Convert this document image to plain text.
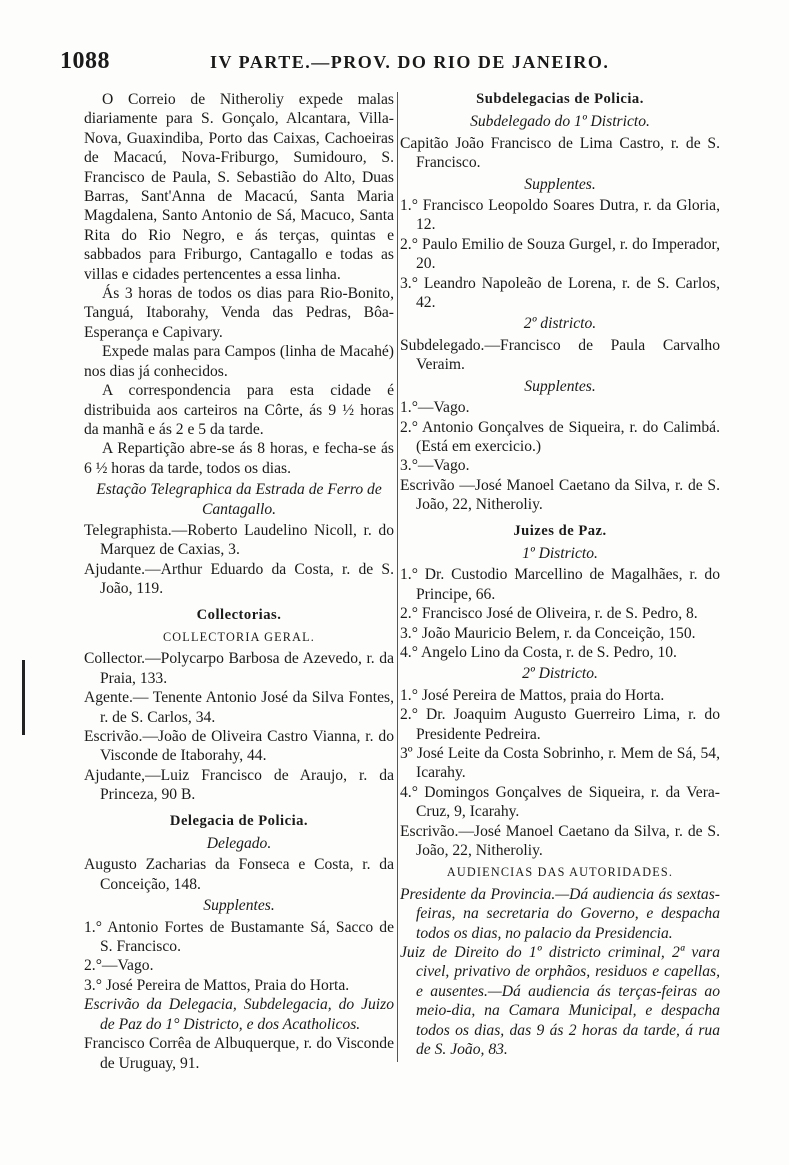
1088	IV PARTE.—PROV. DO RIO DE JANEIRO.

O Correio de Nitheroliy expede malas diariamente para S. Gonçalo, Alcantara, Villa-Nova, Guaxindiba, Porto das Caixas, Cachoeiras de Macacú, Nova-Friburgo, Sumidouro, S. Francisco de Paula, S. Sebastião do Alto, Duas Barras, Sant'Anna de Macacú, Santa Maria Magdalena, Santo Antonio de Sá, Macuco, Santa Rita do Rio Negro, e ás terças, quintas e sabbados para Friburgo, Cantagallo e todas as villas e cidades pertencentes a essa linha.

Ás 3 horas de todos os dias para Rio-Bonito, Tanguá, Itaborahy, Venda das Pedras, Bôa-Esperança e Capivary.

Expede malas para Campos (linha de Macahé) nos dias já conhecidos.

A correspondencia para esta cidade é distribuida aos carteiros na Côrte, ás 9 ½ horas da manhã e ás 2 e 5 da tarde.

A Repartição abre-se ás 8 horas, e fecha-se ás 6 ½ horas da tarde, todos os dias.

Estação Telegraphica da Estrada de Ferro de Cantagallo.

Telegraphista.—Roberto Laudelino Nicoll, r. do Marquez de Caxias, 3.

Ajudante.—Arthur Eduardo da Costa, r. de S. João, 119.

Collectorias.

COLLECTORIA GERAL.

Collector.—Polycarpo Barbosa de Azevedo, r. da Praia, 133.

Agente.— Tenente Antonio José da Silva Fontes, r. de S. Carlos, 34.

Escrivão.—João de Oliveira Castro Vianna, r. do Visconde de Itaborahy, 44.

Ajudante,—Luiz Francisco de Araujo, r. da Princeza, 90 B.

Delegacia de Policia.

Delegado.

Augusto Zacharias da Fonseca e Costa, r. da Conceição, 148.

Supplentes.

1.° Antonio Fortes de Bustamante Sá, Sacco de S. Francisco.

2.°—Vago.

3.° José Pereira de Mattos, Praia do Horta.

Escrivão da Delegacia, Subdelegacia, do Juizo de Paz do 1° Districto, e dos Acatholicos.

Francisco Corrêa de Albuquerque, r. do Visconde de Uruguay, 91.

Subdelegacias de Policia.

Subdelegado do 1º Districto.

Capitão João Francisco de Lima Castro, r. de S. Francisco.

Supplentes.

1.° Francisco Leopoldo Soares Dutra, r. da Gloria, 12.

2.° Paulo Emilio de Souza Gurgel, r. do Imperador, 20.

3.° Leandro Napoleão de Lorena, r. de S. Carlos, 42.

2º districto.

Subdelegado.—Francisco de Paula Carvalho Veraim.

Supplentes.

1.°—Vago.

2.° Antonio Gonçalves de Siqueira, r. do Calimbá. (Está em exercicio.)

3.°—Vago.

Escrivão —José Manoel Caetano da Silva, r. de S. João, 22, Nitheroliy.

Juizes de Paz.

1º Districto.

1.° Dr. Custodio Marcellino de Magalhães, r. do Principe, 66.

2.° Francisco José de Oliveira, r. de S. Pedro, 8.

3.° João Mauricio Belem, r. da Conceição, 150.

4.° Angelo Lino da Costa, r. de S. Pedro, 10.

2º Districto.

1.° José Pereira de Mattos, praia do Horta.

2.° Dr. Joaquim Augusto Guerreiro Lima, r. do Presidente Pedreira.

3º José Leite da Costa Sobrinho, r. Mem de Sá, 54, Icarahy.

4.° Domingos Gonçalves de Siqueira, r. da Vera-Cruz, 9, Icarahy.

Escrivão.—José Manoel Caetano da Silva, r. de S. João, 22, Nitheroliy.

AUDIENCIAS DAS AUTORIDADES.

Presidente da Provincia.—Dá audiencia ás sextas-feiras, na secretaria do Governo, e despacha todos os dias, no palacio da Presidencia.

Juiz de Direito do 1º districto criminal, 2ª vara civel, privativo de orphãos, residuos e capellas, e ausentes.—Dá audiencia ás terças-feiras ao meio-dia, na Camara Municipal, e despacha todos os dias, das 9 ás 2 horas da tarde, á rua de S. João, 83.
